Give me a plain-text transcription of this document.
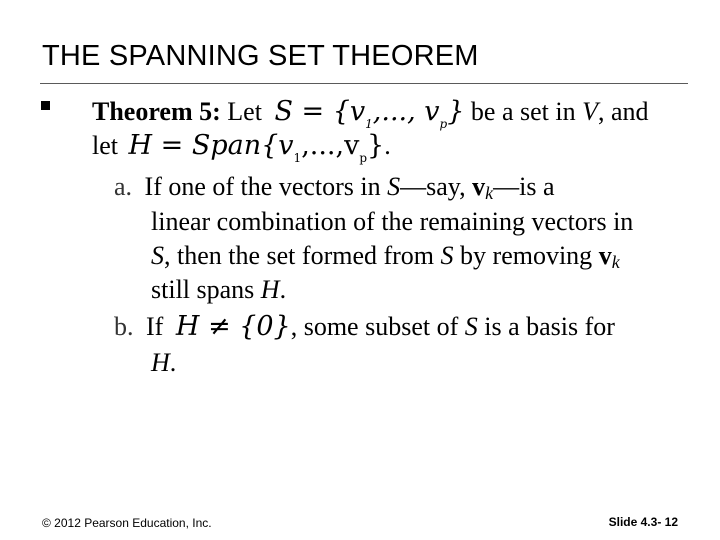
THE SPANNING SET THEOREM
Theorem 5: Let $S = \{v_1$,..., $v_p$} be a set in V, and
let $H = Span\{v_1,...,v_p\}$.
a. If one of the vectors in S—say, vk—is a
linear combination of the remaining vectors in
S, then the set formed from S by removing vk
still spans H.
b. If H ≠ {0}, some subset of S is a basis for
H.
© 2012 Pearson Education, Inc.	Slide 4.3- 12
